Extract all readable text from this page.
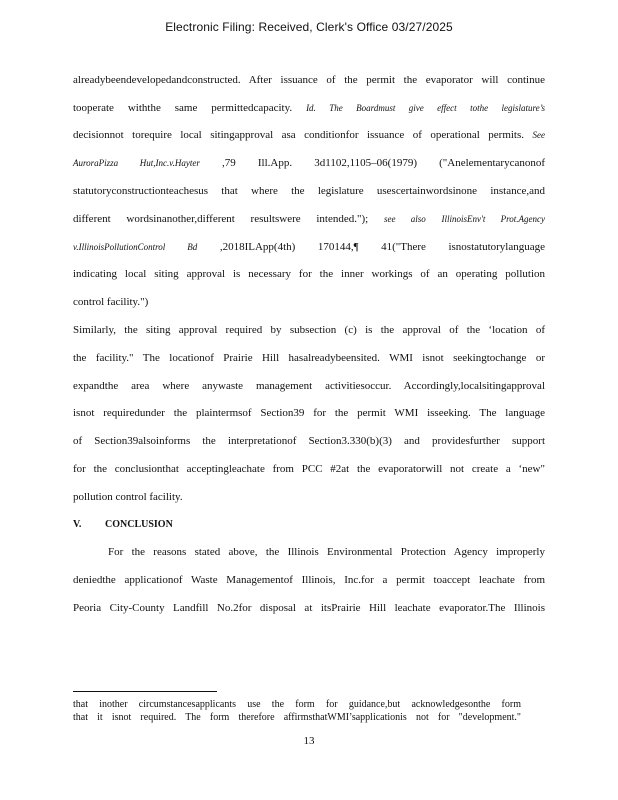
Electronic Filing: Received, Clerk's Office 03/27/2025
alreadybeendevelopedandconstructed. After issuance of the permit the evaporator will continue
tooperate withthe same permittedcapacity. Id. The Boardmust give effect tothe legislature’s
decisionnot torequire local sitingapproval asa conditionfor issuance of operational permits. See
AuroraPizza Hut,Inc.v.Hayter ,79 Ill.App. 3d1102,1105–06(1979) ("Anelementarycanonof
statutoryconstructionteachesus that where the legislature usescertainwordsinone instance,and
different wordsinanother,different resultswere intended."); see also IllinoisEnv't Prot.Agency
v.IllinoisPollutionControl Bd ,2018ILApp(4th) 170144,¶ 41("There isnostatutorylanguage
indicating local siting approval is necessary for the inner workings of an operating pollution
control facility.")
Similarly, the siting approval required by subsection (c) is the approval of the ‘location of
the facility." The locationof Prairie Hill hasalreadybeensited. WMI isnot seekingtochange or
expandthe area where anywaste management activitiesoccur. Accordingly,localsitingapproval
isnot requiredunder the plaintermsof Section39 for the permit WMI isseeking. The language
of Section39alsoinforms the interpretationof Section3.330(b)(3) and providesfurther support
for the conclusionthat acceptingleachate from PCC #2at the evaporatorwill not create a ‘new"
pollution control facility.
V. CONCLUSION
For the reasons stated above, the Illinois Environmental Protection Agency improperly
deniedthe applicationof Waste Managementof Illinois, Inc.for a permit toaccept leachate from
Peoria City-County Landfill No.2for disposal at itsPrairie Hill leachate evaporator.The Illinois
that inother circumstancesapplicants use the form for guidance,but acknowledgesonthe form
that it isnot required. The form therefore affirmsthatWMI’sapplicationis not for "development."
13
